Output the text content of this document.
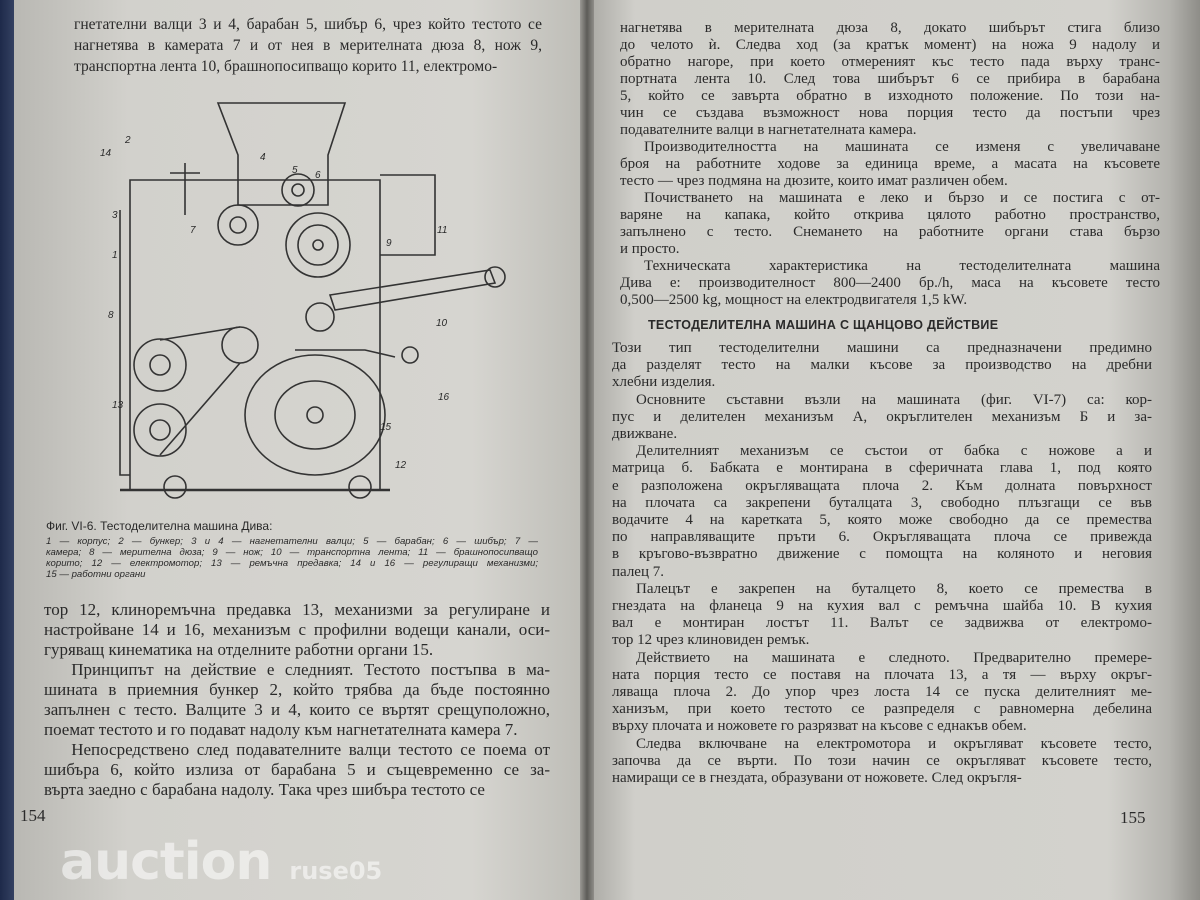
гнетателни валци 3 и 4, барабан 5, шибър 6, чрез който тестото се
нагнетява в камерата 7 и от нея в мерителната дюза 8, нож 9,
транспортна лента 10, брашнопосипващо корито 11, електромо-
14
2
4
5 6
3
7
1
11
9
8
10
16
13
15
12
Фиг. VI-6. Тестоделителна машина Дива:
1 — корпус; 2 — бункер; 3 и 4 — нагнетателни валци; 5 — барабан; 6 — шибър; 7 —
камера; 8 — мерителна дюза; 9 — нож; 10 — транспортна лента; 11 — брашнопосипващо
корито; 12 — електромотор; 13 — ремъчна предавка; 14 и 16 — регулиращи механизми;
15 — работни органи
тор 12, клиноремъчна предавка 13, механизми за регулиране и
настройване 14 и 16, механизъм с профилни водещи канали, оси-
гуряващ кинематика на отделните работни органи 15.
Принципът на действие е следният. Тестото постъпва в ма-
шината в приемния бункер 2, който трябва да бъде постоянно
запълнен с тесто. Валците 3 и 4, които се въртят срещуположно,
поемат тестото и го подават надолу към нагнетателната камера 7.
Непосредствено след подавателните валци тестото се поема от
шибъра 6, който излиза от барабана 5 и същевременно се за-
върта заедно с барабана надолу. Така чрез шибъра тестото се
154
нагнетява в мерителната дюза 8, докато шибърът стига близо
до челото ѝ. Следва ход (за кратък момент) на ножа 9 надолу и
обратно нагоре, при което отмереният къс тесто пада върху транс-
портната лента 10. След това шибърът 6 се прибира в барабана
5, който се завърта обратно в изходното положение. По този на-
чин се създава възможност нова порция тесто да постъпи чрез
подавателните валци в нагнетателната камера.
Производителността на машината се изменя с увеличаване
броя на работните ходове за единица време, а масата на късовете
тесто — чрез подмяна на дюзите, които имат различен обем.
Почистването на машината е леко и бързо и се постига с от-
варяне на капака, който открива цялото работно пространство,
запълнено с тесто. Снемането на работните органи става бързо
и просто.
Техническата характеристика на тестоделителната машина
Дива е: производителност 800—2400 бр./h, маса на късовете тесто
0,500—2500 kg, мощност на електродвигателя 1,5 kW.
ТЕСТОДЕЛИТЕЛНА МАШИНА С ЩАНЦОВО ДЕЙСТВИЕ
Този тип тестоделителни машини са предназначени предимно
да разделят тесто на малки късове за производство на дребни
хлебни изделия.
Основните съставни възли на машината (фиг. VI-7) са: кор-
пус и делителен механизъм А, окръглителен механизъм Б и за-
движване.
Делителният механизъм се състои от бабка с ножове а и
матрица б. Бабката е монтирана в сферичната глава 1, под която
е разположена окръгляващата плоча 2. Към долната повърхност
на плочата са закрепени буталцата 3, свободно плъзгащи се във
водачите 4 на каретката 5, която може свободно да се премества
по направляващите пръти 6. Окръгляващата плоча се привежда
в кръгово-възвратно движение с помощта на коляното и неговия
палец 7.
Палецът е закрепен на буталцето 8, което се премества в
гнездата на фланеца 9 на кухия вал с ремъчна шайба 10. В кухия
вал е монтиран лостът 11. Валът се задвижва от електромо-
тор 12 чрез клиновиден ремък.
Действието на машината е следното. Предварително премере-
ната порция тесто се поставя на плочата 13, а тя — върху окръг-
ляваща плоча 2. До упор чрез лоста 14 се пуска делителният ме-
ханизъм, при което тестото се разпределя с равномерна дебелина
върху плочата и ножовете го разрязват на късове с еднакъв обем.
Следва включване на електромотора и окръгляват късовете тесто,
започва да се върти. По този начин се окръгляват късовете тесто,
намиращи се в гнездата, образувани от ножовете. След окръгля-
155
auction ruse05
